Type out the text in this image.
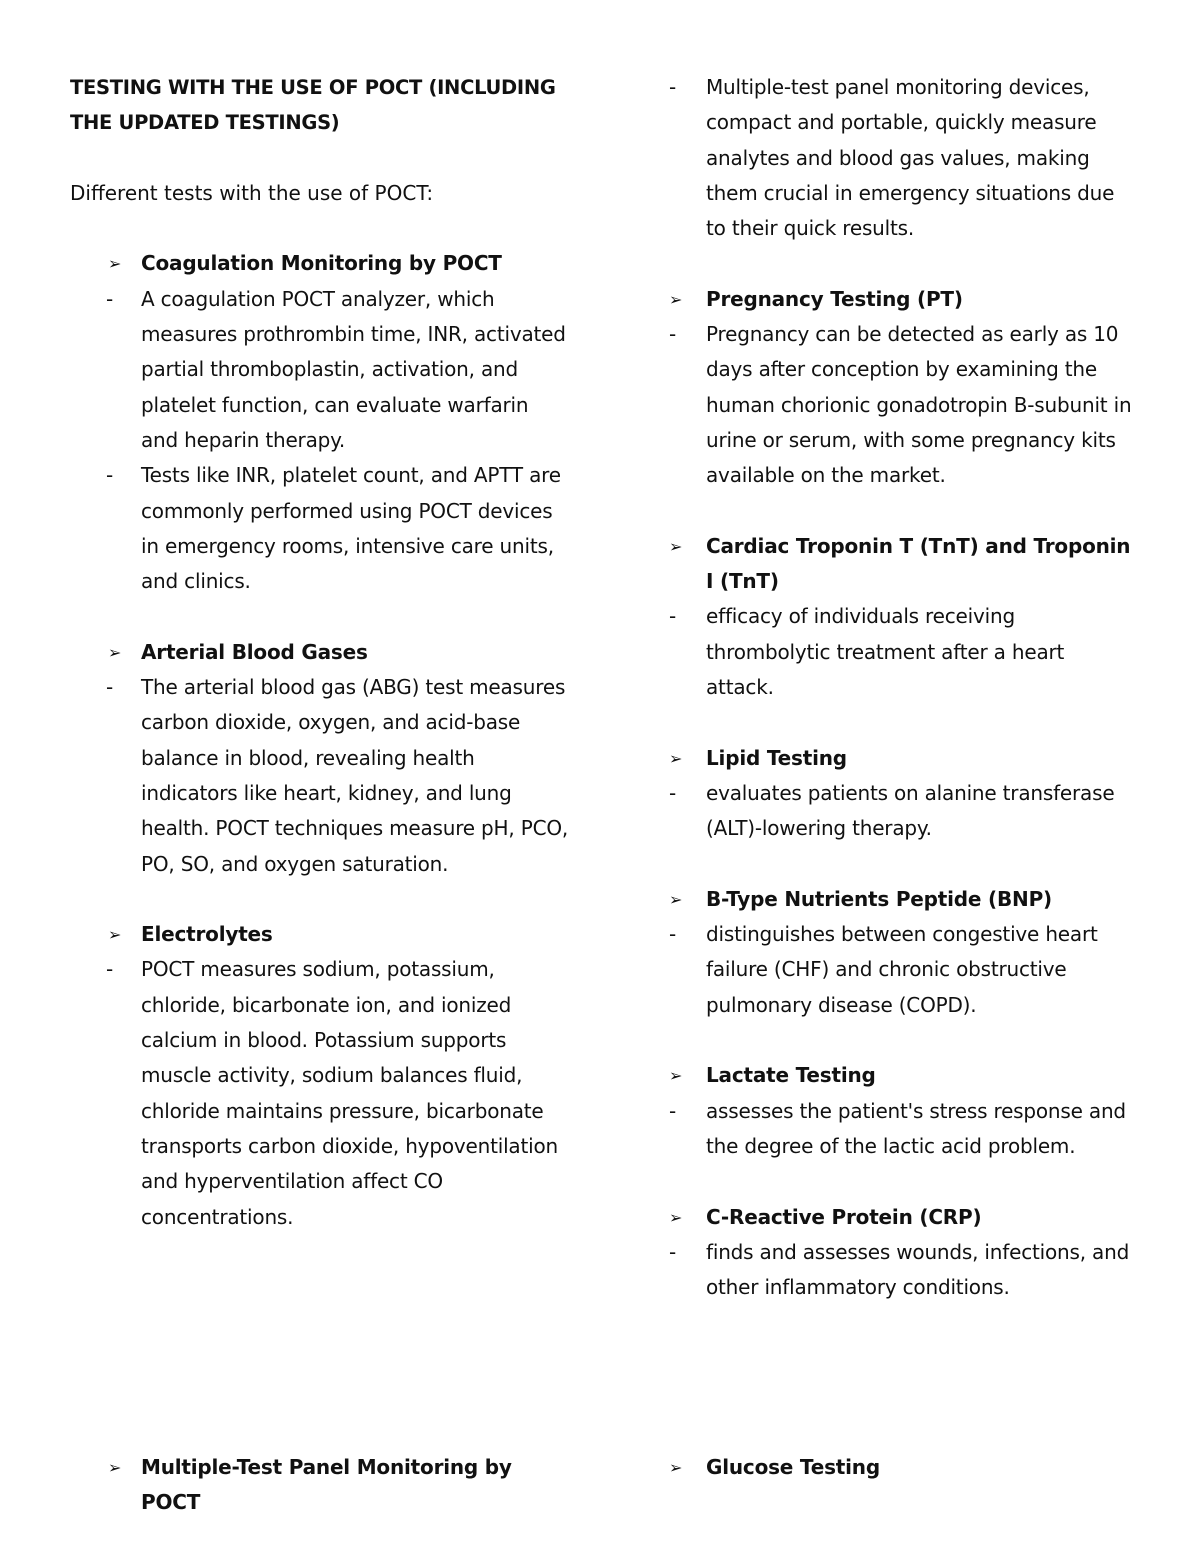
TESTING WITH THE USE OF POCT (INCLUDING THE UPDATED TESTINGS)

Different tests with the use of POCT:
➢ Coagulation Monitoring by POCT
- A coagulation POCT analyzer, which measures prothrombin time, INR, activated partial thromboplastin, activation, and platelet function, can evaluate warfarin and heparin therapy.
- Tests like INR, platelet count, and APTT are commonly performed using POCT devices in emergency rooms, intensive care units, and clinics.
➢ Arterial Blood Gases
- The arterial blood gas (ABG) test measures carbon dioxide, oxygen, and acid-base balance in blood, revealing health indicators like heart, kidney, and lung health. POCT techniques measure pH, PCO, PO, SO, and oxygen saturation.
➢ Electrolytes
- POCT measures sodium, potassium, chloride, bicarbonate ion, and ionized calcium in blood. Potassium supports muscle activity, sodium balances fluid, chloride maintains pressure, bicarbonate transports carbon dioxide, hypoventilation and hyperventilation affect CO concentrations.
- Multiple-test panel monitoring devices, compact and portable, quickly measure analytes and blood gas values, making them crucial in emergency situations due to their quick results.
➢ Pregnancy Testing (PT)
- Pregnancy can be detected as early as 10 days after conception by examining the human chorionic gonadotropin B-subunit in urine or serum, with some pregnancy kits available on the market.
➢ Cardiac Troponin T (TnT) and Troponin I (TnT)
- efficacy of individuals receiving thrombolytic treatment after a heart attack.
➢ Lipid Testing
- evaluates patients on alanine transferase (ALT)-lowering therapy.
➢ B-Type Nutrients Peptide (BNP)
- distinguishes between congestive heart failure (CHF) and chronic obstructive pulmonary disease (COPD).
➢ Lactate Testing
- assesses the patient's stress response and the degree of the lactic acid problem.
➢ C-Reactive Protein (CRP)
- finds and assesses wounds, infections, and other inflammatory conditions.
➢ Multiple-Test Panel Monitoring by POCT
➢ Glucose Testing
